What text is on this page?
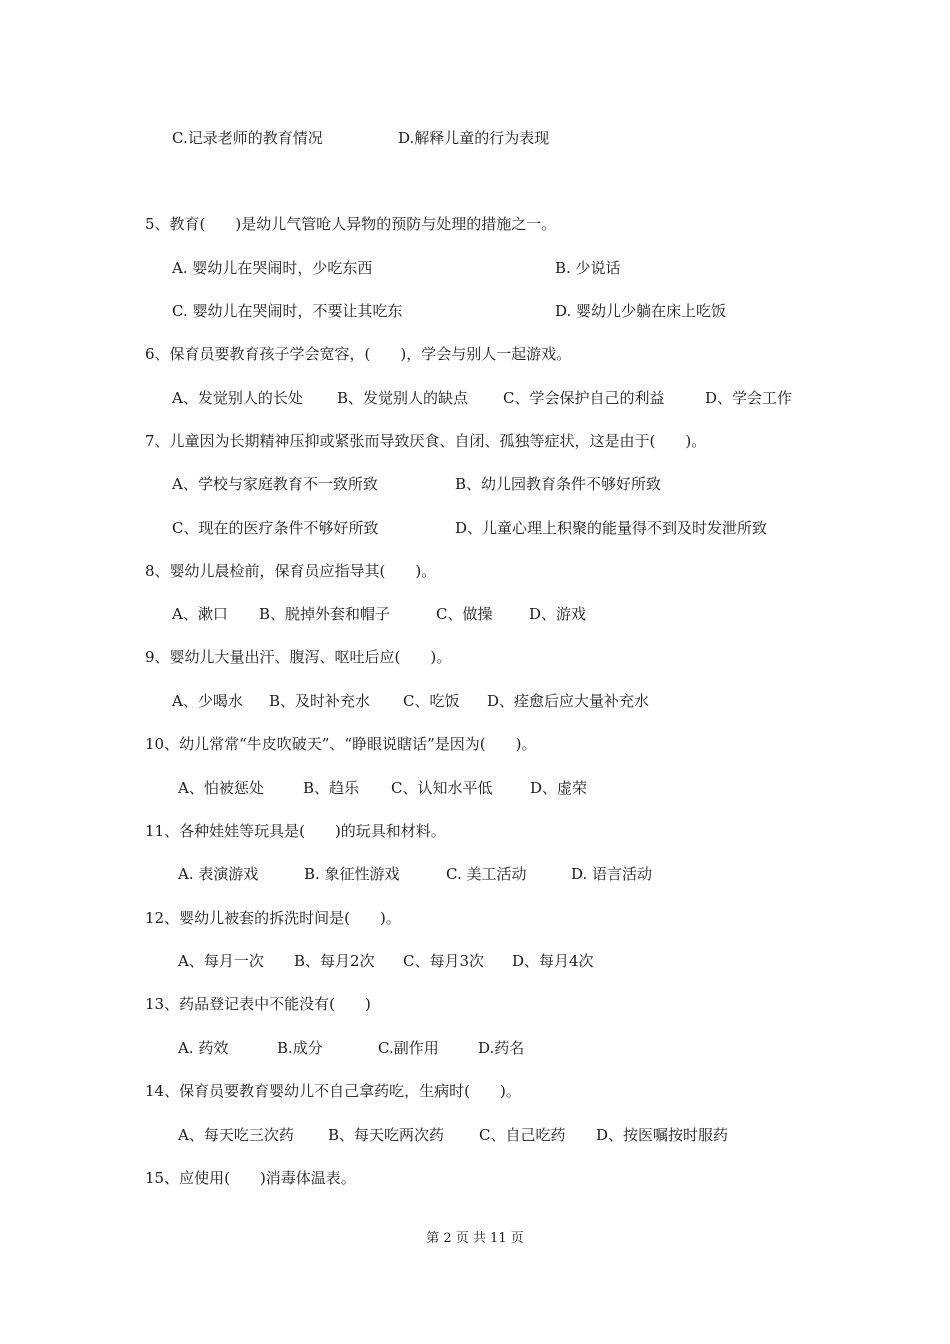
C.记录老师的教育情况	D.解释儿童的行为表现
5、教育(　　)是幼儿气管呛人异物的预防与处理的措施之一。
A. 婴幼儿在哭闹时，少吃东西	B. 少说话
C. 婴幼儿在哭闹时，不要让其吃东	D. 婴幼儿少躺在床上吃饭
6、保育员要教育孩子学会宽容，(　　)，学会与别人一起游戏。
A、发觉别人的长处 B、发觉别人的缺点 C、学会保护自己的利益	D、学会工作
7、儿童因为长期精神压抑或紧张而导致厌食、自闭、孤独等症状，这是由于(　　)。
A、学校与家庭教育不一致所致	B、幼儿园教育条件不够好所致
C、现在的医疗条件不够好所致	D、儿童心理上积聚的能量得不到及时发泄所致
8、婴幼儿晨检前，保育员应指导其(　　)。
A、漱口 B、脱掉外套和帽子	C、做操 D、游戏
9、婴幼儿大量出汗、腹泻、呕吐后应(　　)。
A、少喝水 B、及时补充水 C、吃饭 D、痊愈后应大量补充水
10、幼儿常常“牛皮吹破天”、“睁眼说瞎话”是因为(　　)。
A、怕被惩处	B、趋乐 C、认知水平低	D、虚荣
11、各种娃娃等玩具是(　　)的玩具和材料。
A. 表演游戏	B. 象征性游戏	C. 美工活动	D. 语言活动
12、婴幼儿被套的拆洗时间是(　　)。
A、每月一次 B、每月2次 C、每月3次 D、每月4次
13、药品登记表中不能没有(　　)
A. 药效	B.成分	C.副作用	D.药名
14、保育员要教育婴幼儿不自己拿药吃，生病时(　　)。
A、每天吃三次药 B、每天吃两次药 C、自己吃药 D、按医嘱按时服药
15、应使用(　　)消毒体温表。
第 2 页 共 11 页
